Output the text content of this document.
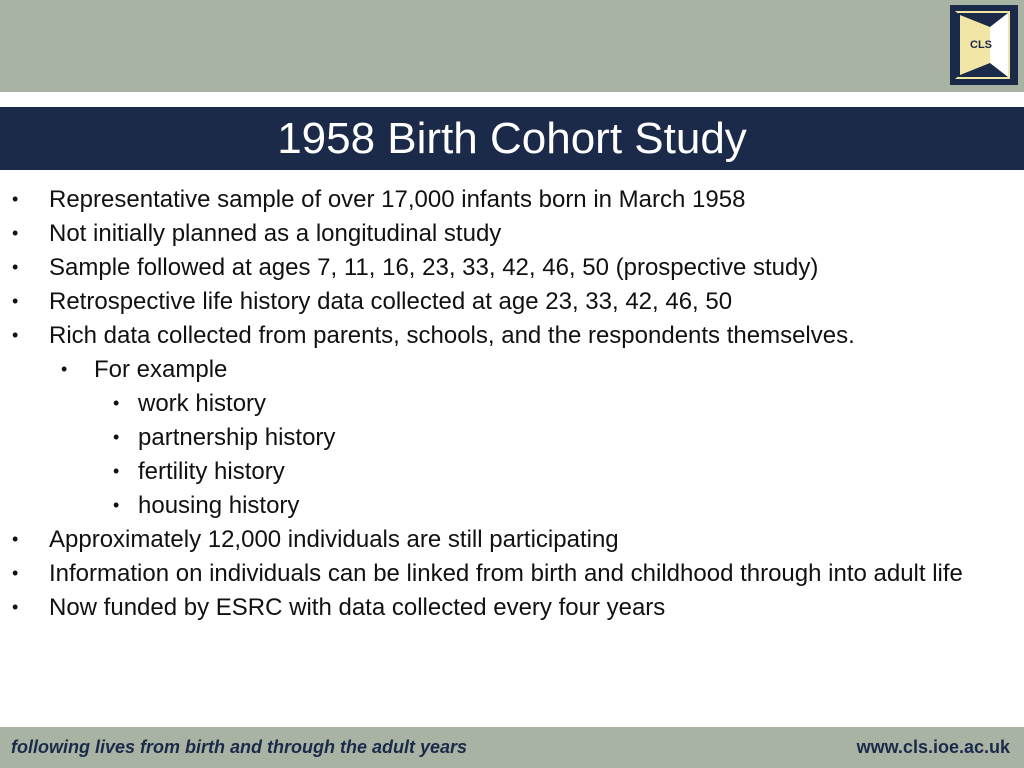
CLS
1958 Birth Cohort Study
• Representative sample of over 17,000 infants born in March 1958
• Not initially planned as a longitudinal study
• Sample followed at ages 7, 11, 16, 23, 33, 42, 46, 50 (prospective study)
• Retrospective life history data collected at age 23, 33, 42, 46, 50
• Rich data collected from parents, schools, and the respondents themselves.
• For example
• work history
• partnership history
• fertility history
• housing history
• Approximately 12,000 individuals are still participating
• Information on individuals can be linked from birth and childhood through into adult life
• Now funded by ESRC with data collected every four years
following lives from birth and through the adult years	www.cls.ioe.ac.uk
